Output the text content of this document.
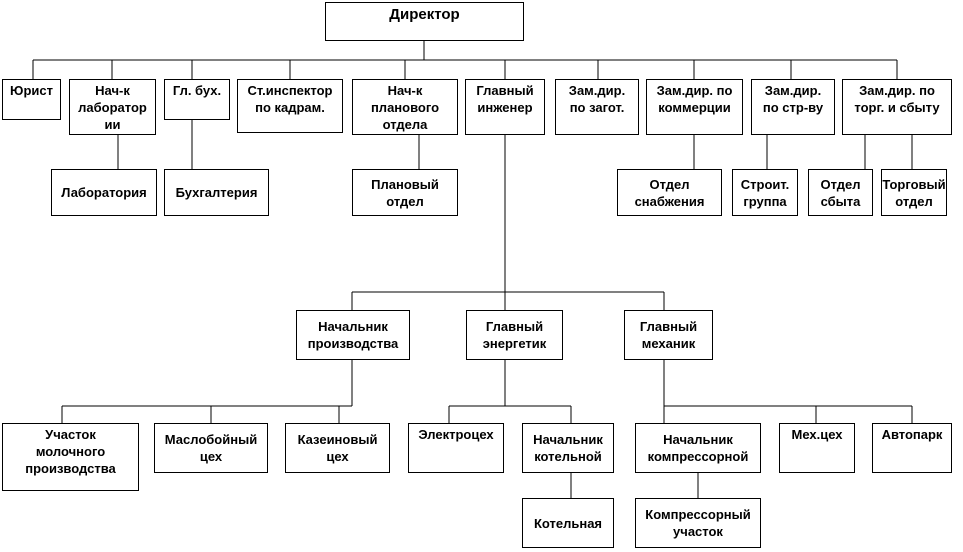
Директор
Юрист	Нач-к
лаборатор
ии
Гл. бух.	Ст.инспектор
по кадрам.
Нач-к
планового
отдела
Главный
инженер
Зам.дир.
по загот.
Зам.дир. по
коммерции
Зам.дир.
по стр-ву
Зам.дир. по
торг. и сбыту
Лаборатория	Бухгалтерия
Плановый
отдел
Отдел
снабжения
Строит.
группа
Отдел
сбыта
Торговый
отдел
Начальник
производства
Главный
энергетик
Главный
механик
Участок
молочного
производства
Маслобойный
цех
Казеиновый
цех
Электроцех	Начальник
котельной
Начальник
компрессорной
Мех.цех	Автопарк
Котельная
Компрессорный
участок
